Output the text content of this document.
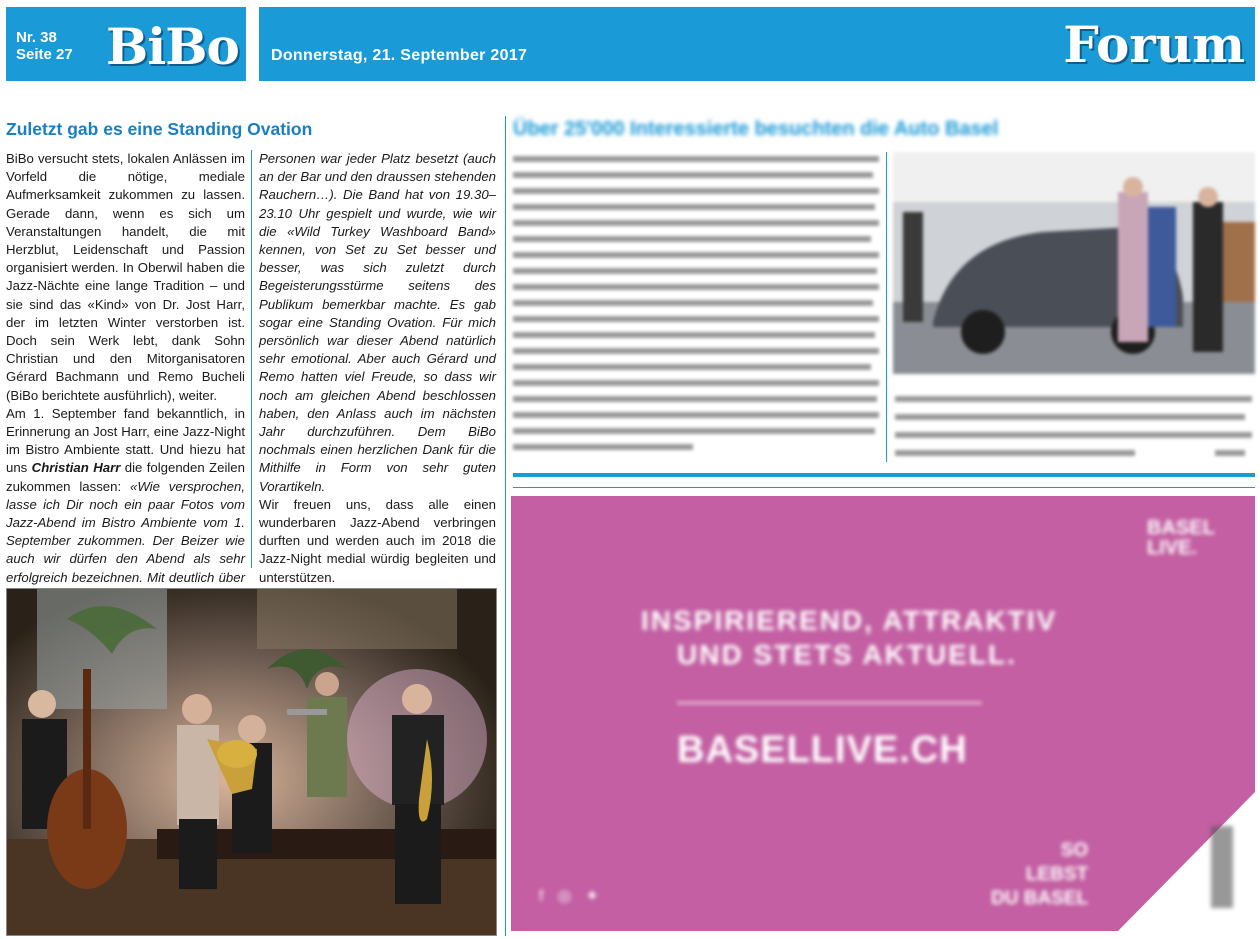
Nr. 38
Seite 27 BiBo Donnerstag, 21. September 2017	Forum
Zuletzt gab es eine Standing Ovation

BiBo versucht stets, lokalen Anlässen im Vorfeld die nötige, mediale Aufmerksamkeit zukommen zu lassen. Gerade dann, wenn es sich um Veranstaltungen handelt, die mit Herzblut, Leidenschaft und Passion organisiert werden. In Oberwil haben die Jazz-Nächte eine lange Tradition – und sie sind das «Kind» von Dr. Jost Harr, der im letzten Winter verstorben ist. Doch sein Werk lebt, dank Sohn Christian und den Mitorganisatoren Gérard Bachmann und Remo Bucheli (BiBo berichtete ausführlich), weiter.

Am 1. September fand bekanntlich, in Erinnerung an Jost Harr, eine Jazz-Night im Bistro Ambiente statt. Und hiezu hat uns Christian Harr die folgenden Zeilen zukommen lassen: «Wie versprochen, lasse ich Dir noch ein paar Fotos vom Jazz-Abend im Bistro Ambiente vom 1. September zukommen. Der Beizer wie auch wir dürfen den Abend als sehr erfolgreich bezeichnen. Mit deutlich über

Personen war jeder Platz besetzt (auch an der Bar und den draussen stehenden Rauchern…). Die Band hat von 19.30–23.10 Uhr gespielt und wurde, wie wir die «Wild Turkey Washboard Band» kennen, von Set zu Set besser und besser, was sich zuletzt durch Begeisterungsstürme seitens des Publikum bemerkbar machte. Es gab sogar eine Standing Ovation. Für mich persönlich war dieser Abend natürlich sehr emotional. Aber auch Gérard und Remo hatten viel Freude, so dass wir noch am gleichen Abend beschlossen haben, den Anlass auch im nächsten Jahr durchzuführen. Dem BiBo nochmals einen herzlichen Dank für die Mithilfe in Form von sehr guten Vorartikeln.

Wir freuen uns, dass alle einen wunderbaren Jazz-Abend verbringen durften und werden auch im 2018 die Jazz-Night medial würdig begleiten und unterstützen.

Über 25'000 Interessierte besuchten die Auto Basel
BASEL
LIVE.
INSPIRIEREND, ATTRAKTIV
UND STETS AKTUELL.
BASELLIVE.CH
SO
LEBST
DU BASEL
f◎✦
